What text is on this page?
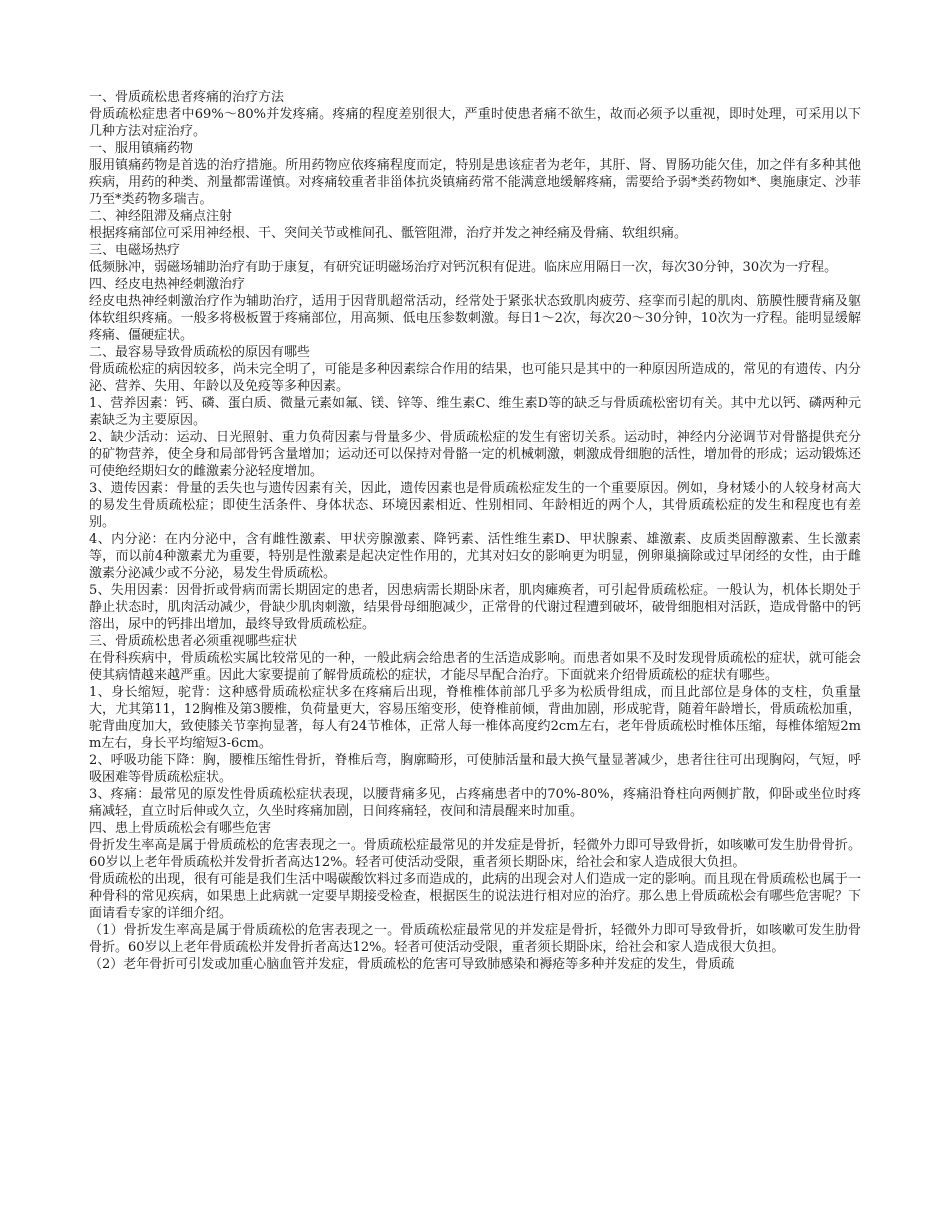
一、骨质疏松患者疼痛的治疗方法

骨质疏松症患者中69%～80%并发疼痛。疼痛的程度差别很大，严重时使患者痛不欲生，故而必须予以重视，即时处理，可采用以下几种方法对症治疗。

一、服用镇痛药物

服用镇痛药物是首选的治疗措施。所用药物应依疼痛程度而定，特别是患该症者为老年，其肝、肾、胃肠功能欠佳，加之伴有多种其他疾病，用药的种类、剂量都需谨慎。对疼痛较重者非甾体抗炎镇痛药常不能满意地缓解疼痛，需要给予弱*类药物如*、奥施康定、沙菲乃至*类药物多瑞吉。

二、神经阻滞及痛点注射

根据疼痛部位可采用神经根、干、突间关节或椎间孔、骶管阻滞，治疗并发之神经痛及骨痛、软组织痛。

三、电磁场热疗

低频脉冲，弱磁场辅助治疗有助于康复，有研究证明磁场治疗对钙沉积有促进。临床应用隔日一次，每次30分钟，30次为一疗程。

四、经皮电热神经刺激治疗

经皮电热神经刺激治疗作为辅助治疗，适用于因背肌超常活动，经常处于紧张状态致肌肉疲劳、痉挛而引起的肌肉、筋膜性腰背痛及躯体软组织疼痛。一般多将极板置于疼痛部位，用高频、低电压参数刺激。每日1～2次，每次20～30分钟，10次为一疗程。能明显缓解疼痛、僵硬症状。

二、最容易导致骨质疏松的原因有哪些

骨质疏松症的病因较多，尚未完全明了，可能是多种因素综合作用的结果，也可能只是其中的一种原因所造成的，常见的有遗传、内分泌、营养、失用、年龄以及免疫等多种因素。

1、营养因素：钙、磷、蛋白质、微量元素如氟、镁、锌等、维生素C、维生素D等的缺乏与骨质疏松密切有关。其中尤以钙、磷两种元素缺乏为主要原因。

2、缺少活动：运动、日光照射、重力负荷因素与骨量多少、骨质疏松症的发生有密切关系。运动时，神经内分泌调节对骨骼提供充分的矿物营养，使全身和局部骨钙含量增加；运动还可以保持对骨骼一定的机械刺激，刺激成骨细胞的活性，增加骨的形成；运动锻炼还可使绝经期妇女的雌激素分泌轻度增加。

3、遗传因素：骨量的丢失也与遗传因素有关，因此，遗传因素也是骨质疏松症发生的一个重要原因。例如，身材矮小的人较身材高大的易发生骨质疏松症；即使生活条件、身体状态、环境因素相近、性别相同、年龄相近的两个人，其骨质疏松症的发生和程度也有差别。

4、内分泌：在内分泌中，含有雌性激素、甲状旁腺激素、降钙素、活性维生素D、甲状腺素、雄激素、皮质类固醇激素、生长激素等，而以前4种激素尤为重要，特别是性激素是起决定性作用的，尤其对妇女的影响更为明显，例卵巢摘除或过早闭经的女性，由于雌激素分泌减少或不分泌，易发生骨质疏松。

5、失用因素：因骨折或骨病而需长期固定的患者，因患病需长期卧床者，肌肉瘫痪者，可引起骨质疏松症。一般认为，机体长期处于静止状态时，肌肉活动减少，骨缺少肌肉刺激，结果骨母细胞减少，正常骨的代谢过程遭到破坏，破骨细胞相对活跃，造成骨骼中的钙溶出，尿中的钙排出增加，最终导致骨质疏松症。

三、骨质疏松患者必须重视哪些症状

在骨科疾病中，骨质疏松实属比较常见的一种，一般此病会给患者的生活造成影响。而患者如果不及时发现骨质疏松的症状，就可能会使其病情越来越严重。因此大家要提前了解骨质疏松的症状，才能尽早配合治疗。下面就来介绍骨质疏松的症状有哪些。

1、身长缩短，驼背：这种感骨质疏松症状多在疼痛后出现，脊椎椎体前部几乎多为松质骨组成，而且此部位是身体的支柱，负重量大，尤其第11，12胸椎及第3腰椎，负荷量更大，容易压缩变形，使脊椎前倾，背曲加剧，形成驼背，随着年龄增长，骨质疏松加重，驼背曲度加大，致使膝关节挛拘显著，每人有24节椎体，正常人每一椎体高度约2cm左右，老年骨质疏松时椎体压缩，每椎体缩短2mm左右，身长平均缩短3-6cm。

2、呼吸功能下降：胸，腰椎压缩性骨折，脊椎后弯，胸廓畸形，可使肺活量和最大换气量显著减少，患者往往可出现胸闷，气短，呼吸困难等骨质疏松症状。

3、疼痛：最常见的原发性骨质疏松症状表现，以腰背痛多见，占疼痛患者中的70%-80%，疼痛沿脊柱向两侧扩散，仰卧或坐位时疼痛减轻，直立时后伸或久立，久坐时疼痛加剧，日间疼痛轻，夜间和清晨醒来时加重。

四、患上骨质疏松会有哪些危害

骨折发生率高是属于骨质疏松的危害表现之一。骨质疏松症最常见的并发症是骨折，轻微外力即可导致骨折，如咳嗽可发生肋骨骨折。60岁以上老年骨质疏松并发骨折者高达12%。轻者可使活动受限，重者须长期卧床，给社会和家人造成很大负担。

骨质疏松的出现，很有可能是我们生活中喝碳酸饮料过多而造成的，此病的出现会对人们造成一定的影响。而且现在骨质疏松也属于一种骨科的常见疾病，如果患上此病就一定要早期接受检查，根据医生的说法进行相对应的治疗。那么患上骨质疏松会有哪些危害呢？下面请看专家的详细介绍。

（1）骨折发生率高是属于骨质疏松的危害表现之一。骨质疏松症最常见的并发症是骨折，轻微外力即可导致骨折，如咳嗽可发生肋骨骨折。60岁以上老年骨质疏松并发骨折者高达12%。轻者可使活动受限，重者须长期卧床，给社会和家人造成很大负担。

（2）老年骨折可引发或加重心脑血管并发症，骨质疏松的危害可导致肺感染和褥疮等多种并发症的发生，骨质疏
